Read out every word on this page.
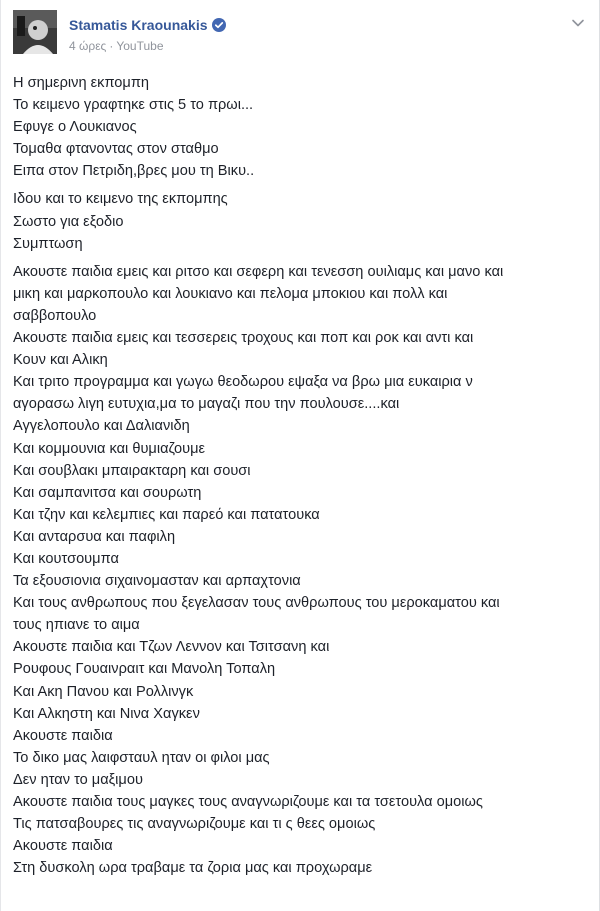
Stamatis Kraounakis
4 ώρες · YouTube
Η σημερινη εκπομπη
Το κειμενο γραφτηκε στις 5 το πρωι...
Εφυγε ο Λουκιανος
Τομαθα φτανοντας στον σταθμο
Ειπα στον Πετριδη,βρες μου τη Βικυ..
Ιδου και το κειμενο της εκπομπης
Σωστο για εξοδιο
Συμπτωση
Ακουστε παιδια εμεις και ριτσο και σεφερη και τενεσση ουιλιαμς και μανο και
μικη και μαρκοπουλο και λουκιανο και πελομα μποκιου και πολλ και
σαββοπουλο
Ακουστε παιδια εμεις και τεσσερεις τροχους και ποπ και ροκ και αντι και
Κουν και Αλικη
Και τριτο προγραμμα και γωγω θεοδωρου εψαξα να βρω μια ευκαιρια ν
αγορασω λιγη ευτυχια,μα το μαγαζι που την πουλουσε....και
Αγγελοπουλο και Δαλιανιδη
Και κομμουνια και θυμιαζουμε
Και σουβλακι μπαιρακταρη και σουσι
Και σαμπανιτσα και σουρωτη
Και τζην και κελεμπιες και παρεό και πατατουκα
Και ανταρσυα και παφιλη
Και κουτσουμπα
Τα εξουσιονια σιχαινομασταν και αρπαχτονια
Και τους ανθρωπους που ξεγελασαν τους ανθρωπους του μεροκαματου και
τους ηπιανε το αιμα
Ακουστε παιδια και Τζων Λεννον και Τσιτσανη και
Ρουφους Γουαινραιτ και Μανολη Τοπαλη
Και Ακη Πανου και Ρολλινγκ
Και Αλκηστη και Νινα Χαγκεν
Ακουστε παιδια
Το δικο μας λαιφσταυλ ηταν οι φιλοι μας
Δεν ηταν το μαξιμου
Ακουστε παιδια τους μαγκες τους αναγνωριζουμε και τα τσετουλα ομοιως
Τις πατσαβουρες τις αναγνωριζουμε και τι ς θεες ομοιως
Ακουστε παιδια
Στη δυσκολη ωρα τραβαμε τα ζορια μας και προχωραμε
